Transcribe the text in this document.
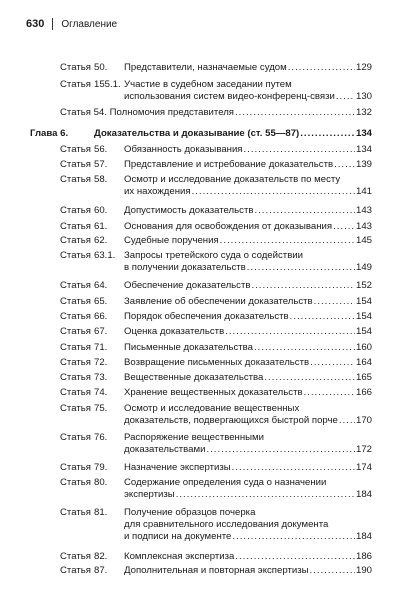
630 Оглавление
Статья 50. Представители, назначаемые судом .....	129
Статья 155.1. Участие в судебном заседании путем
использования систем видео-конференц-связи ..... 130
Статья 54. Полномочия представителя .....	132
Глава 6.	Доказательства и доказывание (ст. 55—87) .....	134
Статья 56. Обязанность доказывания .....	134
Статья 57. Представление и истребование доказательств ..... 139
Статья 58. Осмотр и исследование доказательств по месту
их нахождения .....	141
Статья 60. Допустимость доказательств .....	143
Статья 61. Основания для освобождения от доказывания ..... 143
Статья 62. Судебные поручения .....	145
Статья 63.1. Запросы третейского суда о содействии
в получении доказательств .....	149
Статья 64. Обеспечение доказательств .....	152
Статья 65. Заявление об обеспечении доказательств .....	154
Статья 66. Порядок обеспечения доказательств .....	154
Статья 67. Оценка доказательств .....	154
Статья 71. Письменные доказательства .....	160
Статья 72. Возвращение письменных доказательств .....	164
Статья 73. Вещественные доказательства .....	165
Статья 74. Хранение вещественных доказательств .....	166
Статья 75. Осмотр и исследование вещественных
доказательств, подвергающихся быстрой порче ..... 170
Статья 76. Распоряжение вещественными
доказательствами .....	172
Статья 79. Назначение экспертизы .....	174
Статья 80. Содержание определения суда о назначении
экспертизы .....	184
Статья 81. Получение образцов почерка
для сравнительного исследования документа
и подписи на документе .....	184
Статья 82. Комплексная экспертиза .....	186
Статья 87. Дополнительная и повторная экспертизы .....	190
